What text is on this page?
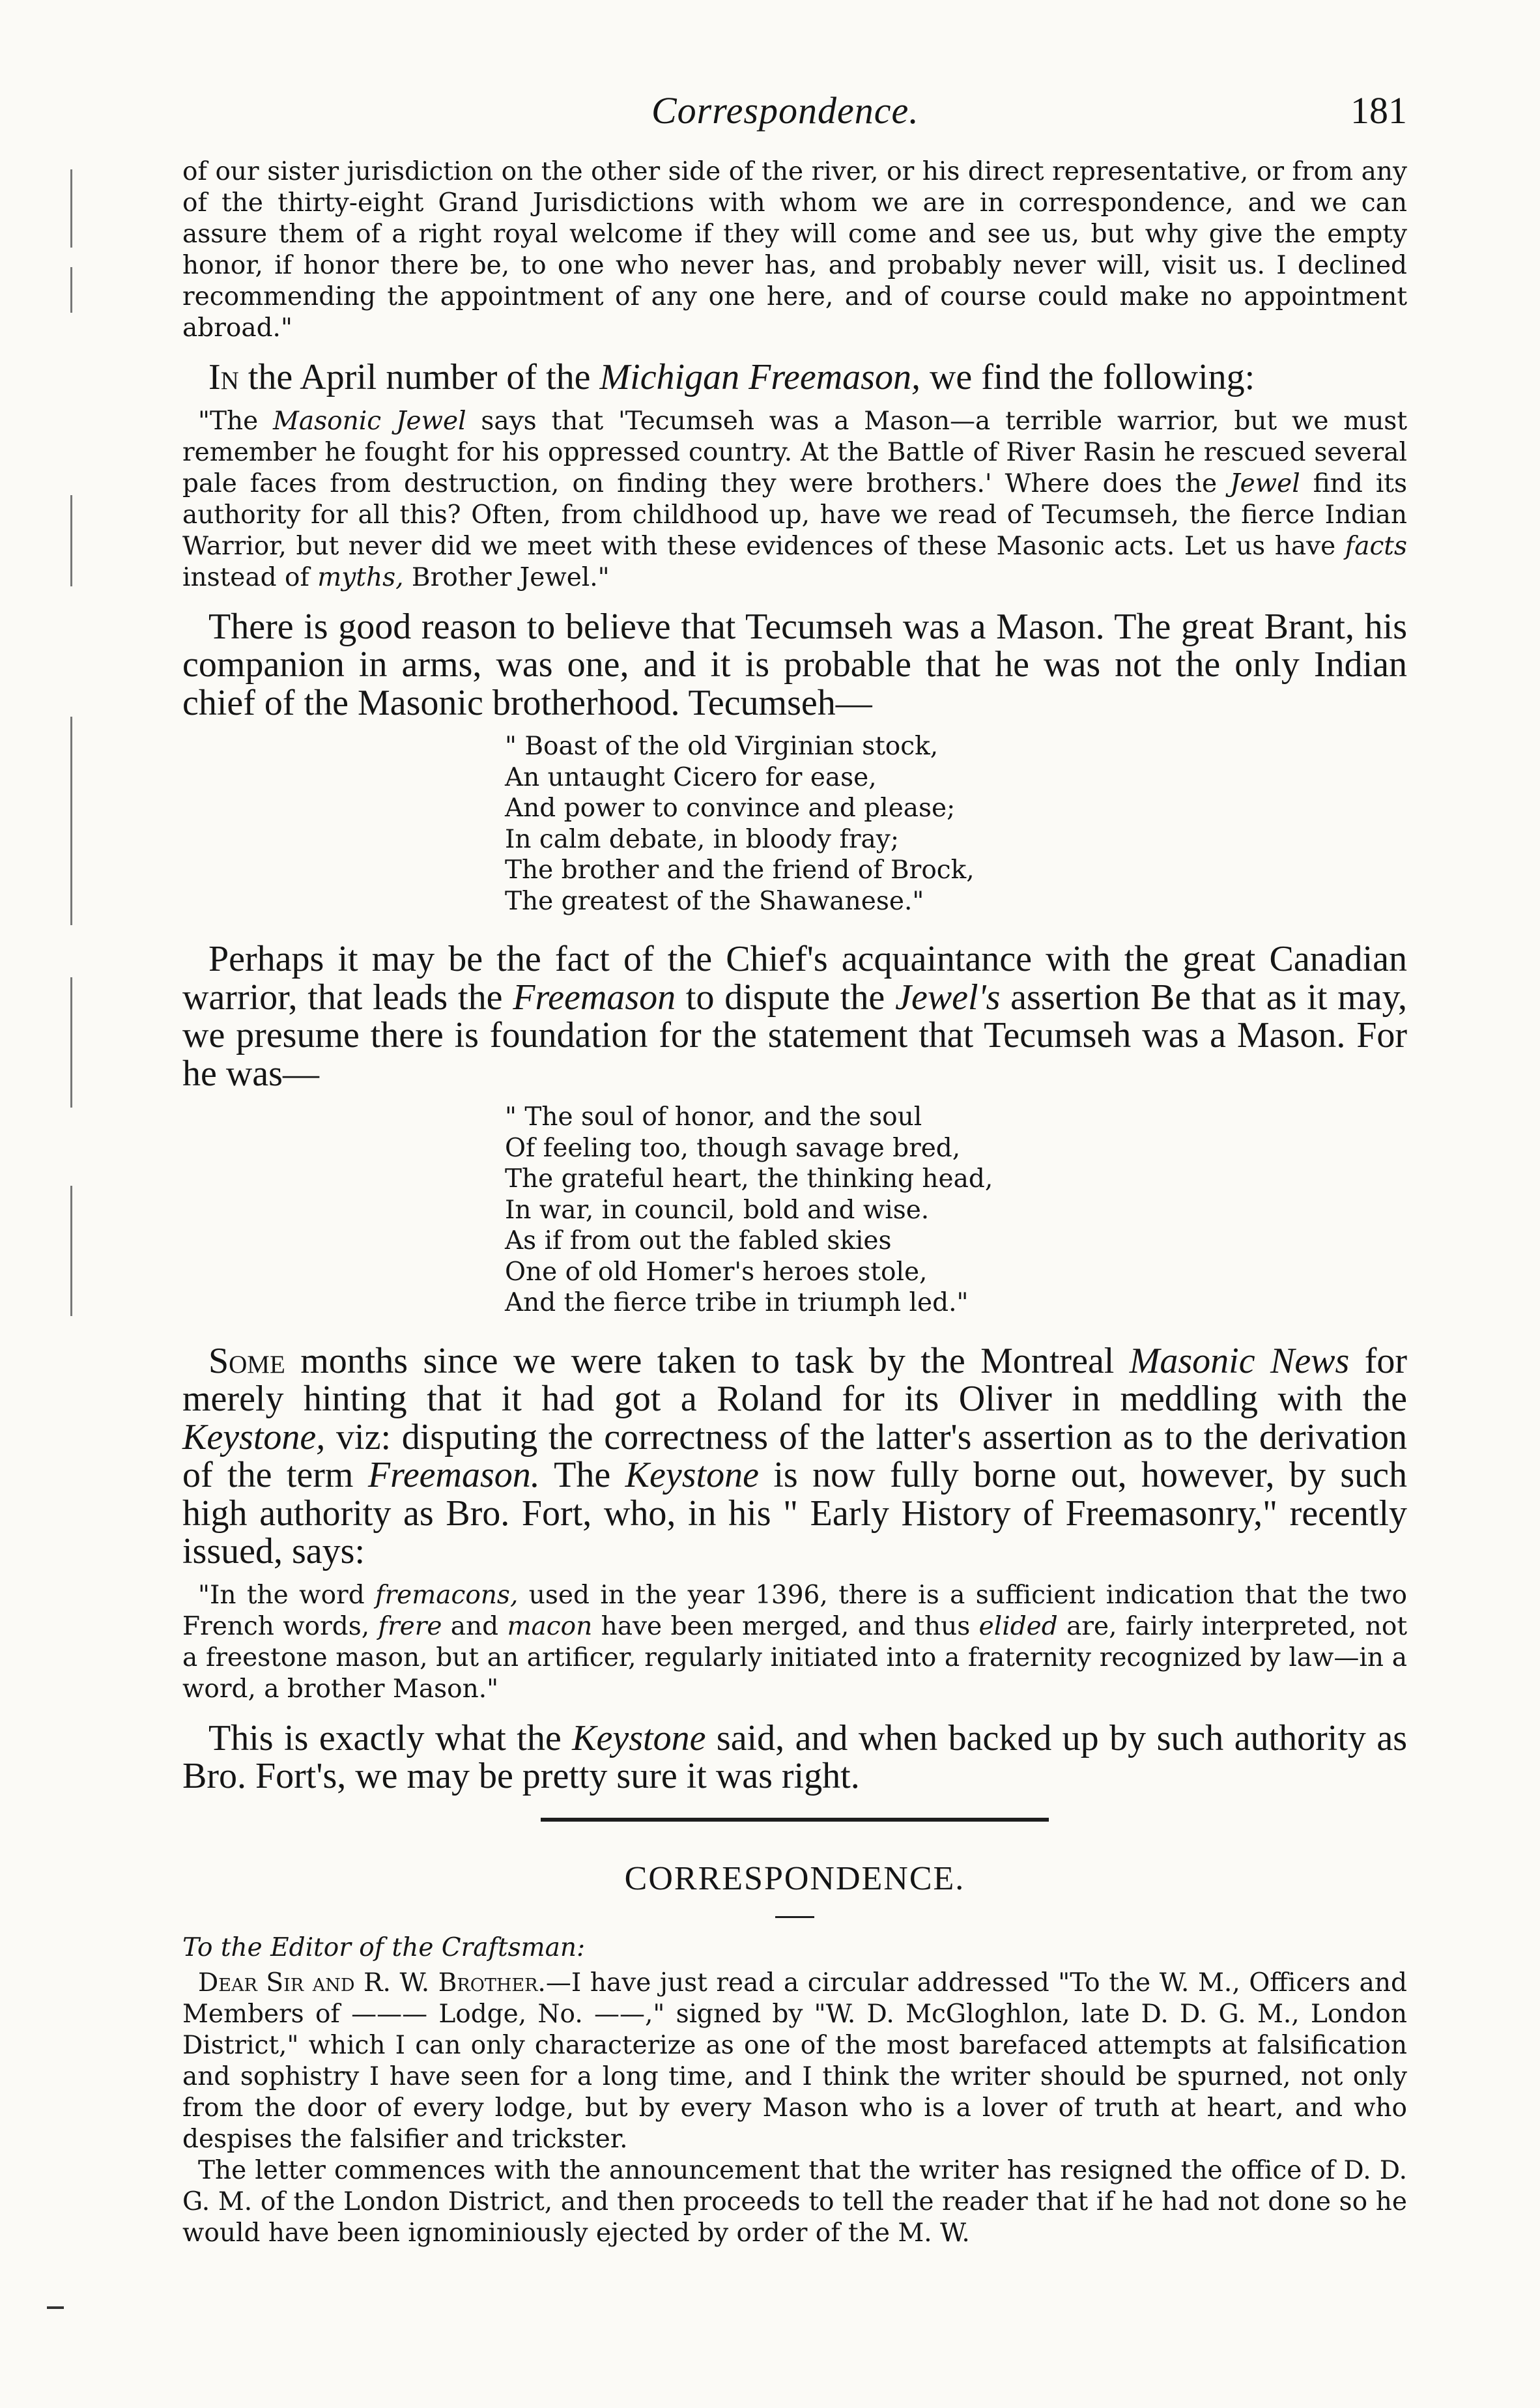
Correspondence.	181

of our sister jurisdiction on the other side of the river, or his direct representative, or from any of the thirty-eight Grand Jurisdictions with whom we are in correspondence, and we can assure them of a right royal welcome if they will come and see us, but why give the empty honor, if honor there be, to one who never has, and probably never will, visit us. I declined recommending the appointment of any one here, and of course could make no appointment abroad."

In the April number of the Michigan Freemason, we find the following:

"The Masonic Jewel says that 'Tecumseh was a Mason—a terrible warrior, but we must remember he fought for his oppressed country. At the Battle of River Rasin he rescued several pale faces from destruction, on finding they were brothers.' Where does the Jewel find its authority for all this? Often, from childhood up, have we read of Tecumseh, the fierce Indian Warrior, but never did we meet with these evidences of these Masonic acts. Let us have facts instead of myths, Brother Jewel."

There is good reason to believe that Tecumseh was a Mason. The great Brant, his companion in arms, was one, and it is probable that he was not the only Indian chief of the Masonic brotherhood. Tecumseh—

" Boast of the old Virginian stock,
An untaught Cicero for ease,
And power to convince and please;
In calm debate, in bloody fray;
The brother and the friend of Brock,
The greatest of the Shawanese."

Perhaps it may be the fact of the Chief's acquaintance with the great Canadian warrior, that leads the Freemason to dispute the Jewel's assertion Be that as it may, we presume there is foundation for the statement that Tecumseh was a Mason. For he was—

" The soul of honor, and the soul
Of feeling too, though savage bred,
The grateful heart, the thinking head,
In war, in council, bold and wise.
As if from out the fabled skies
One of old Homer's heroes stole,
And the fierce tribe in triumph led."

Some months since we were taken to task by the Montreal Masonic News for merely hinting that it had got a Roland for its Oliver in meddling with the Keystone, viz: disputing the correctness of the latter's assertion as to the derivation of the term Freemason. The Keystone is now fully borne out, however, by such high authority as Bro. Fort, who, in his " Early History of Freemasonry," recently issued, says:

"In the word fremacons, used in the year 1396, there is a sufficient indication that the two French words, frere and macon have been merged, and thus elided are, fairly interpreted, not a freestone mason, but an artificer, regularly initiated into a fraternity recognized by law—in a word, a brother Mason."

This is exactly what the Keystone said, and when backed up by such authority as Bro. Fort's, we may be pretty sure it was right.

CORRESPONDENCE.

To the Editor of the Craftsman:

Dear Sir and R. W. Brother.—I have just read a circular addressed "To the W. M., Officers and Members of ——— Lodge, No. ——," signed by "W. D. McGloghlon, late D. D. G. M., London District," which I can only characterize as one of the most barefaced attempts at falsification and sophistry I have seen for a long time, and I think the writer should be spurned, not only from the door of every lodge, but by every Mason who is a lover of truth at heart, and who despises the falsifier and trickster.

The letter commences with the announcement that the writer has resigned the office of D. D. G. M. of the London District, and then proceeds to tell the reader that if he had not done so he would have been ignominiously ejected by order of the M. W.
